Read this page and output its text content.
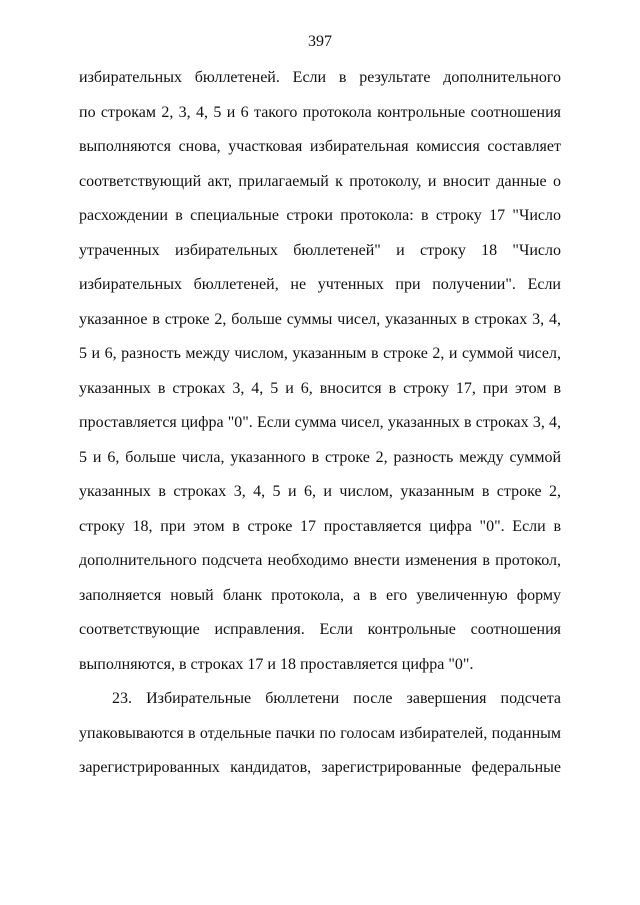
397
избирательных бюллетеней. Если в результате дополнительного
по строкам 2, 3, 4, 5 и 6 такого протокола контрольные соотношения
выполняются снова, участковая избирательная комиссия составляет
соответствующий акт, прилагаемый к протоколу, и вносит данные о
расхождении в специальные строки протокола: в строку 17 "Число
утраченных избирательных бюллетеней" и строку 18 "Число
избирательных бюллетеней, не учтенных при получении". Если
указанное в строке 2, больше суммы чисел, указанных в строках 3, 4,
5 и 6, разность между числом, указанным в строке 2, и суммой чисел,
указанных в строках 3, 4, 5 и 6, вносится в строку 17, при этом в
проставляется цифра "0". Если сумма чисел, указанных в строках 3, 4,
5 и 6, больше числа, указанного в строке 2, разность между суммой
указанных в строках 3, 4, 5 и 6, и числом, указанным в строке 2,
строку 18, при этом в строке 17 проставляется цифра "0". Если в
дополнительного подсчета необходимо внести изменения в протокол,
заполняется новый бланк протокола, а в его увеличенную форму
соответствующие исправления. Если контрольные соотношения
выполняются, в строках 17 и 18 проставляется цифра "0".
23. Избирательные бюллетени после завершения подсчета
упаковываются в отдельные пачки по голосам избирателей, поданным
зарегистрированных кандидатов, зарегистрированные федеральные
